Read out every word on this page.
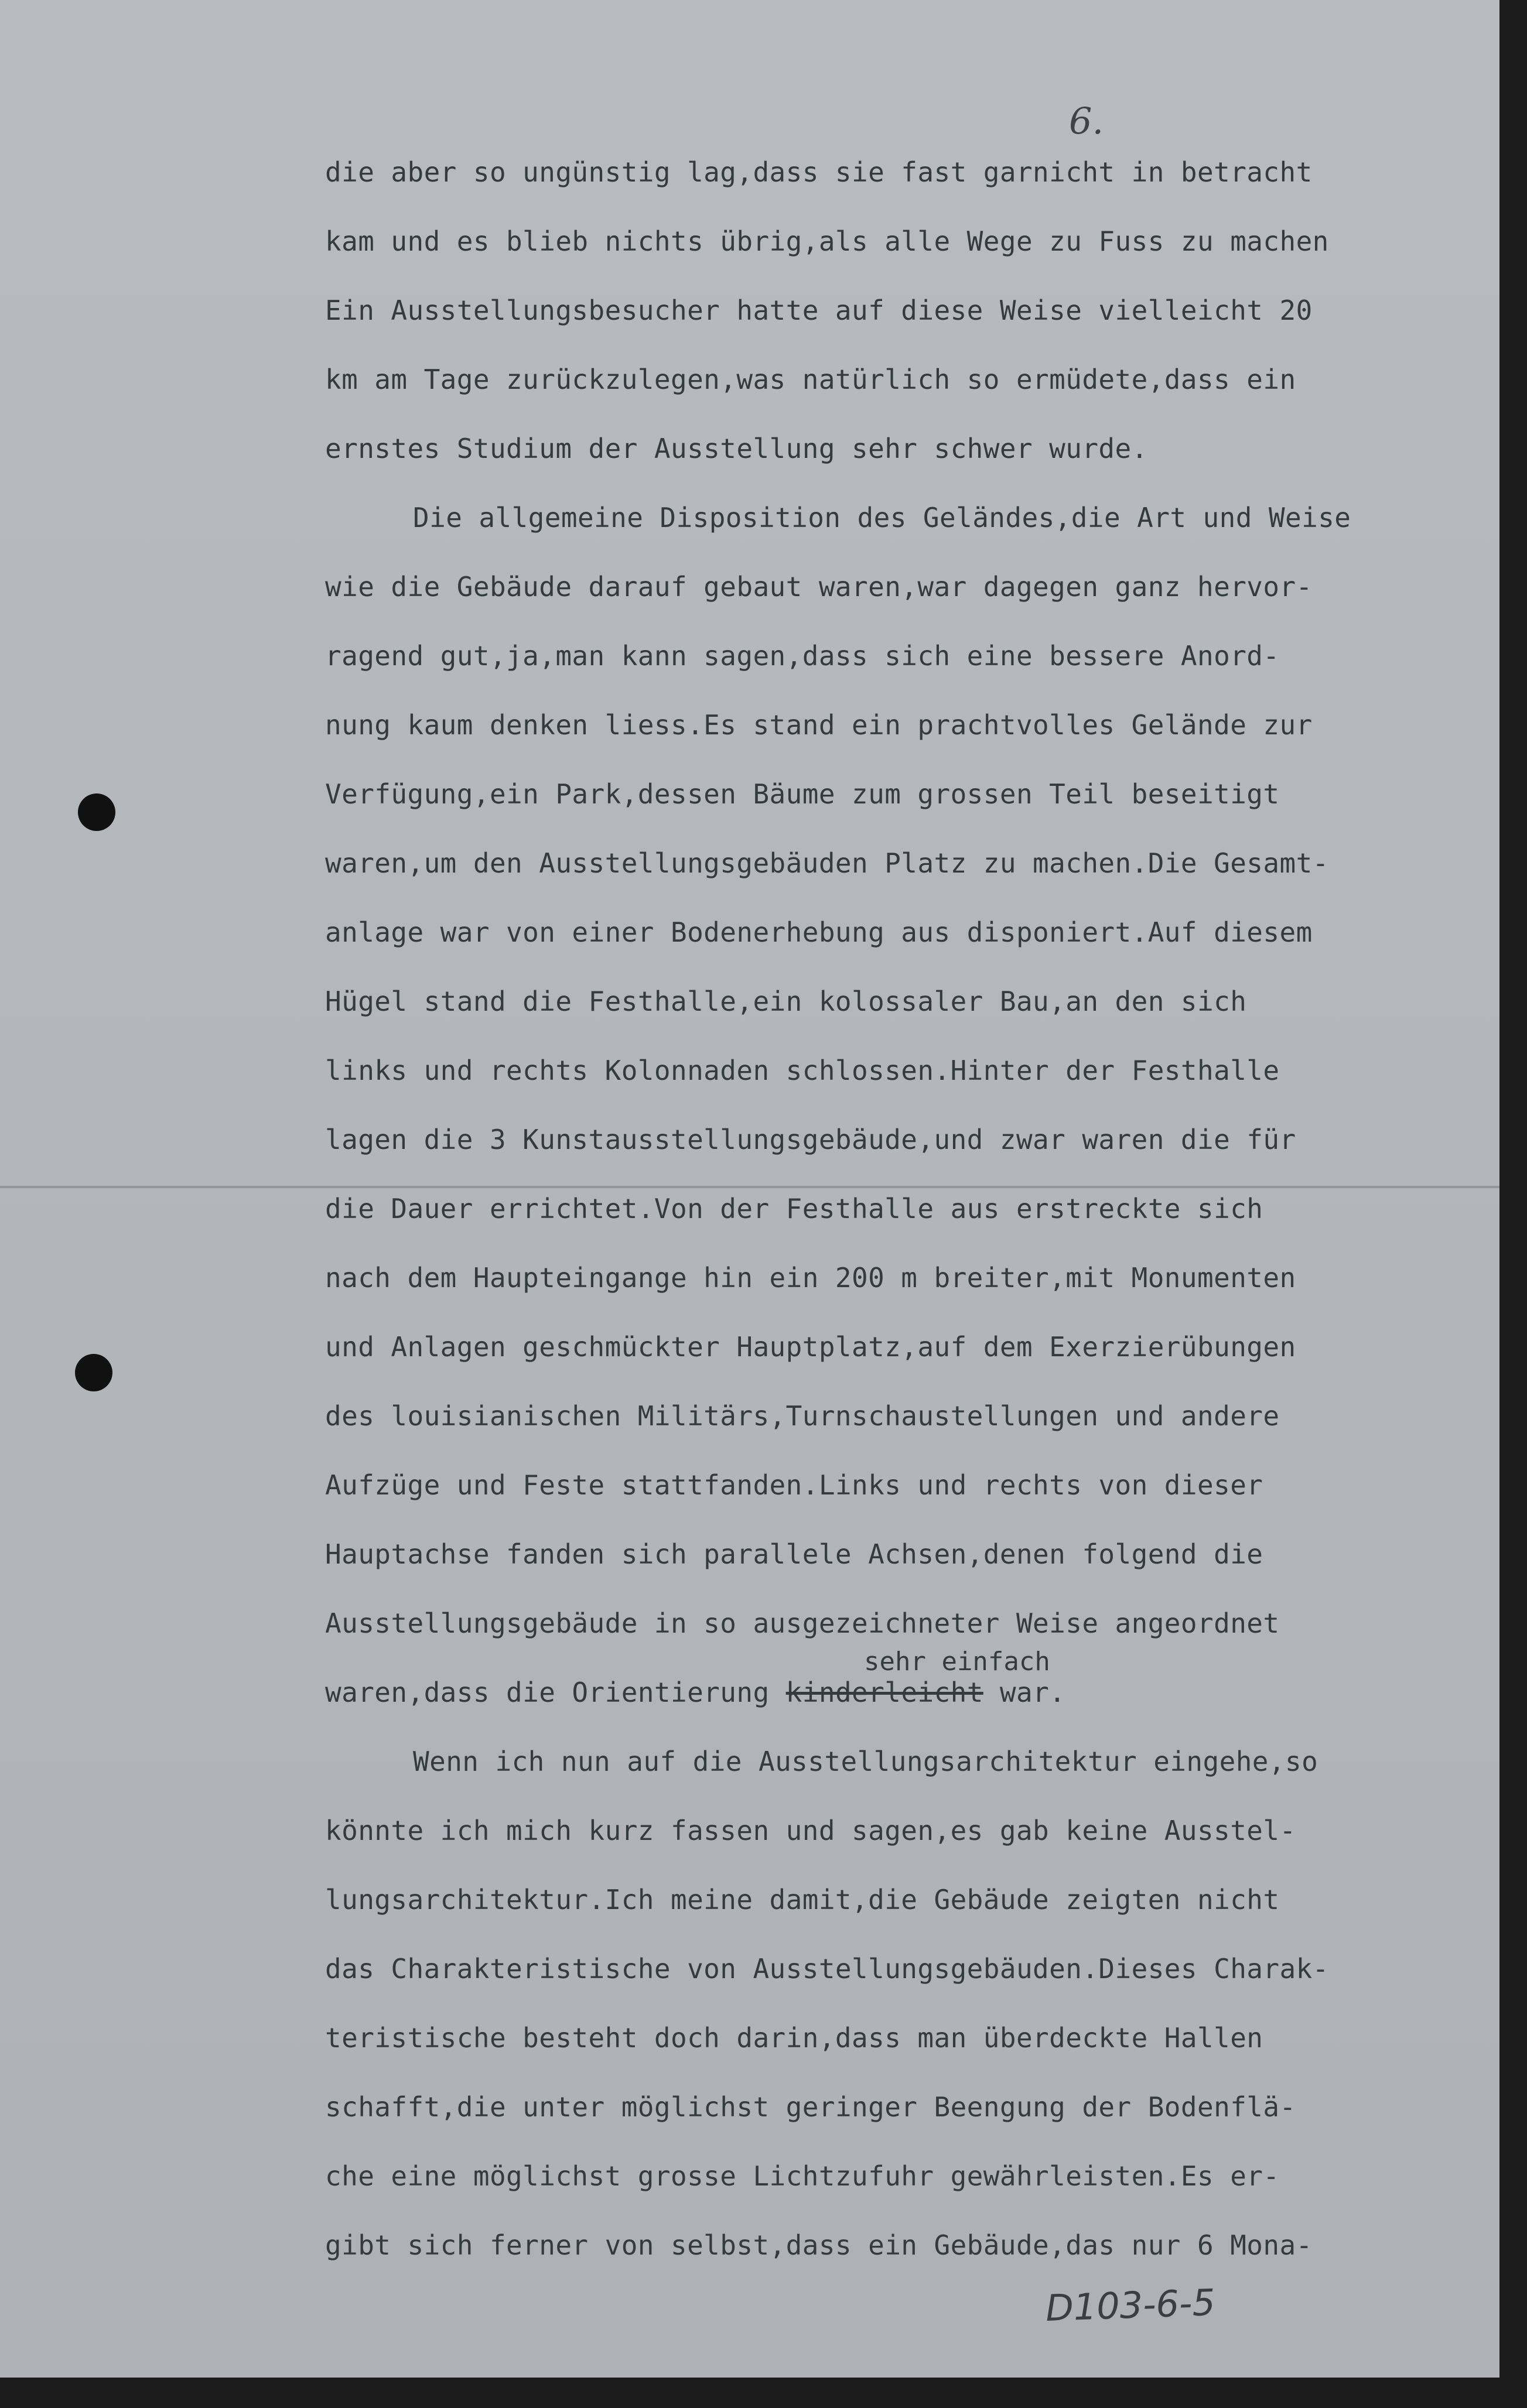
6.
die aber so ungünstig lag,dass sie fast garnicht in betracht
kam und es blieb nichts übrig,als alle Wege zu Fuss zu machen
Ein Ausstellungsbesucher hatte auf diese Weise vielleicht 20
km am Tage zurückzulegen,was natürlich so ermüdete,dass ein
ernstes Studium der Ausstellung sehr schwer wurde.
Die allgemeine Disposition des Geländes,die Art und Weise
wie die Gebäude darauf gebaut waren,war dagegen ganz hervor-
ragend gut,ja,man kann sagen,dass sich eine bessere Anord-
nung kaum denken liess.Es stand ein prachtvolles Gelände zur
Verfügung,ein Park,dessen Bäume zum grossen Teil beseitigt
waren,um den Ausstellungsgebäuden Platz zu machen.Die Gesamt-
anlage war von einer Bodenerhebung aus disponiert.Auf diesem
Hügel stand die Festhalle,ein kolossaler Bau,an den sich
links und rechts Kolonnaden schlossen.Hinter der Festhalle
lagen die 3 Kunstausstellungsgebäude,und zwar waren die für
die Dauer errichtet.Von der Festhalle aus erstreckte sich
nach dem Haupteingange hin ein 200 m breiter,mit Monumenten
und Anlagen geschmückter Hauptplatz,auf dem Exerzierübungen
des louisianischen Militärs,Turnschaustellungen und andere
Aufzüge und Feste stattfanden.Links und rechts von dieser
Hauptachse fanden sich parallele Achsen,denen folgend die
Ausstellungsgebäude in so ausgezeichneter Weise angeordnet
waren,dass die Orientierung kinderleicht war.
Wenn ich nun auf die Ausstellungsarchitektur eingehe,so
könnte ich mich kurz fassen und sagen,es gab keine Ausstel-
lungsarchitektur.Ich meine damit,die Gebäude zeigten nicht
das Charakteristische von Ausstellungsgebäuden.Dieses Charak-
teristische besteht doch darin,dass man überdeckte Hallen
schafft,die unter möglichst geringer Beengung der Bodenflä-
che eine möglichst grosse Lichtzufuhr gewährleisten.Es er-
gibt sich ferner von selbst,dass ein Gebäude,das nur 6 Mona-
sehr einfach
D103-6-5
